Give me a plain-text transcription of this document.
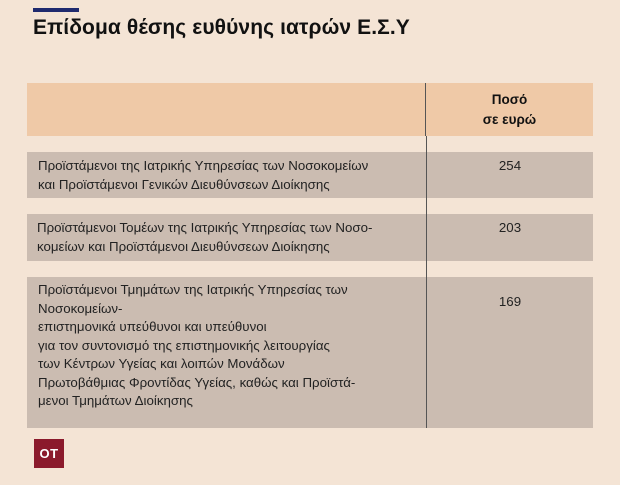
Επίδομα θέσης ευθύνης ιατρών Ε.Σ.Υ
Ποσό
σε ευρώ
Προϊστάμενοι της Ιατρικής Υπηρεσίας των Νοσοκομείων
και Προϊστάμενοι Γενικών Διευθύνσεων Διοίκησης
254
Προϊστάμενοι Τομέων της Ιατρικής Υπηρεσίας των Νοσο-
κομείων και Προϊστάμενοι Διευθύνσεων Διοίκησης
203
Προϊστάμενοι Τμημάτων της Ιατρικής Υπηρεσίας των
Νοσοκομείων-
επιστημονικά υπεύθυνοι και υπεύθυνοι
για τον συντονισμό της επιστημονικής λειτουργίας
των Κέντρων Υγείας και λοιπών Μονάδων
Πρωτοβάθμιας Φροντίδας Υγείας, καθώς και Προϊστά-
μενοι Τμημάτων Διοίκησης
169
ΟΤ
